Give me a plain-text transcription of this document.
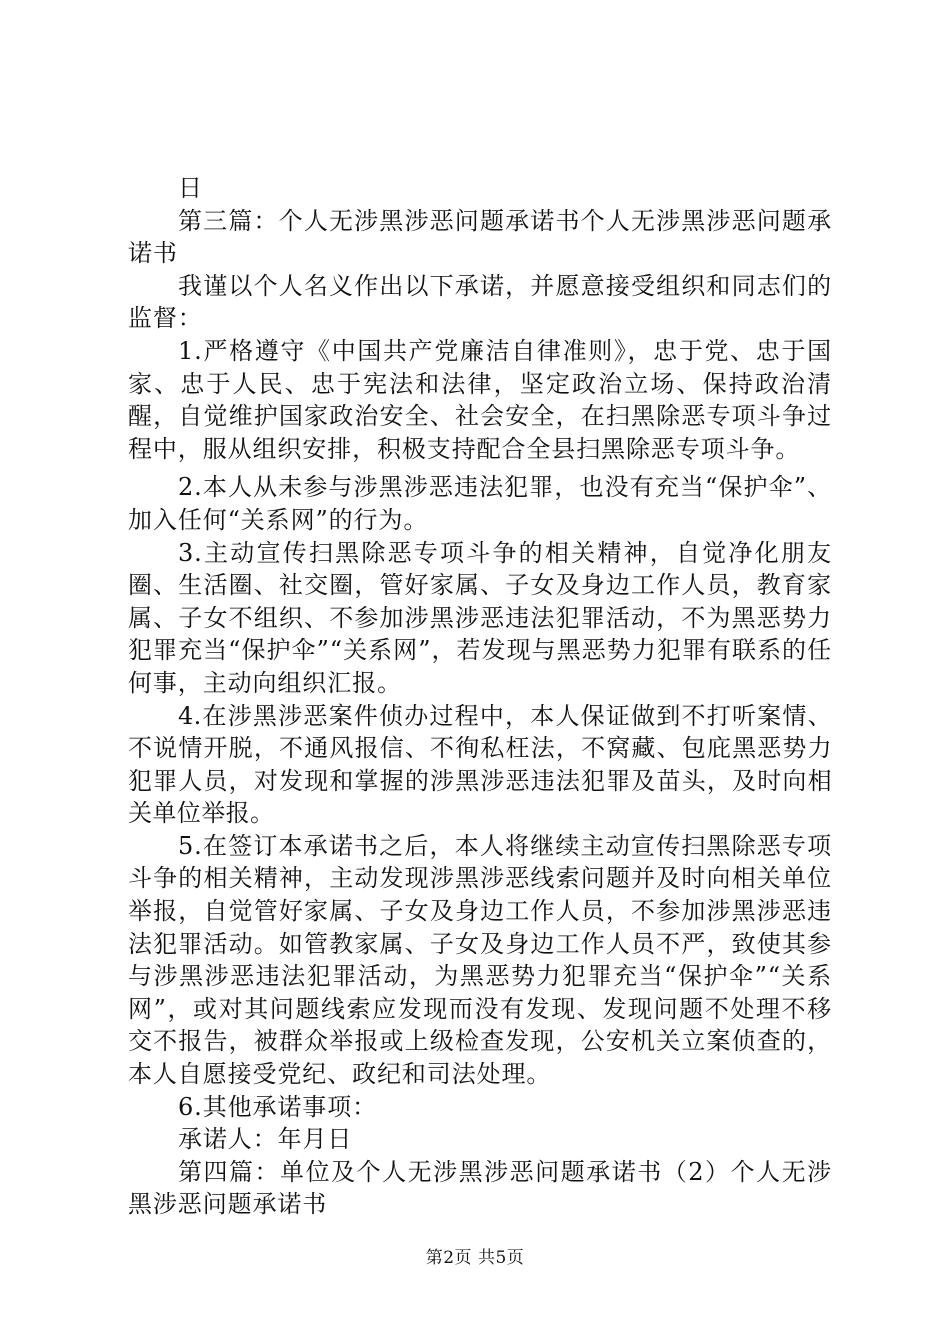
日

第三篇：个人无涉黑涉恶问题承诺书个人无涉黑涉恶问题承诺书

我谨以个人名义作出以下承诺，并愿意接受组织和同志们的监督：

1.严格遵守《中国共产党廉洁自律准则》，忠于党、忠于国家、忠于人民、忠于宪法和法律，坚定政治立场、保持政治清醒，自觉维护国家政治安全、社会安全，在扫黑除恶专项斗争过程中，服从组织安排，积极支持配合全县扫黑除恶专项斗争。

2.本人从未参与涉黑涉恶违法犯罪，也没有充当“保护伞”、加入任何“关系网”的行为。

3.主动宣传扫黑除恶专项斗争的相关精神，自觉净化朋友圈、生活圈、社交圈，管好家属、子女及身边工作人员，教育家属、子女不组织、不参加涉黑涉恶违法犯罪活动，不为黑恶势力犯罪充当“保护伞”“关系网”，若发现与黑恶势力犯罪有联系的任何事，主动向组织汇报。

4.在涉黑涉恶案件侦办过程中，本人保证做到不打听案情、不说情开脱，不通风报信、不徇私枉法，不窝藏、包庇黑恶势力犯罪人员，对发现和掌握的涉黑涉恶违法犯罪及苗头，及时向相关单位举报。

5.在签订本承诺书之后，本人将继续主动宣传扫黑除恶专项斗争的相关精神，主动发现涉黑涉恶线索问题并及时向相关单位举报，自觉管好家属、子女及身边工作人员，不参加涉黑涉恶违法犯罪活动。如管教家属、子女及身边工作人员不严，致使其参与涉黑涉恶违法犯罪活动，为黑恶势力犯罪充当“保护伞”“关系网”，或对其问题线索应发现而没有发现、发现问题不处理不移交不报告，被群众举报或上级检查发现，公安机关立案侦查的，本人自愿接受党纪、政纪和司法处理。

6.其他承诺事项：

承诺人：年月日

第四篇：单位及个人无涉黑涉恶问题承诺书（2）个人无涉黑涉恶问题承诺书

第2页 共5页
